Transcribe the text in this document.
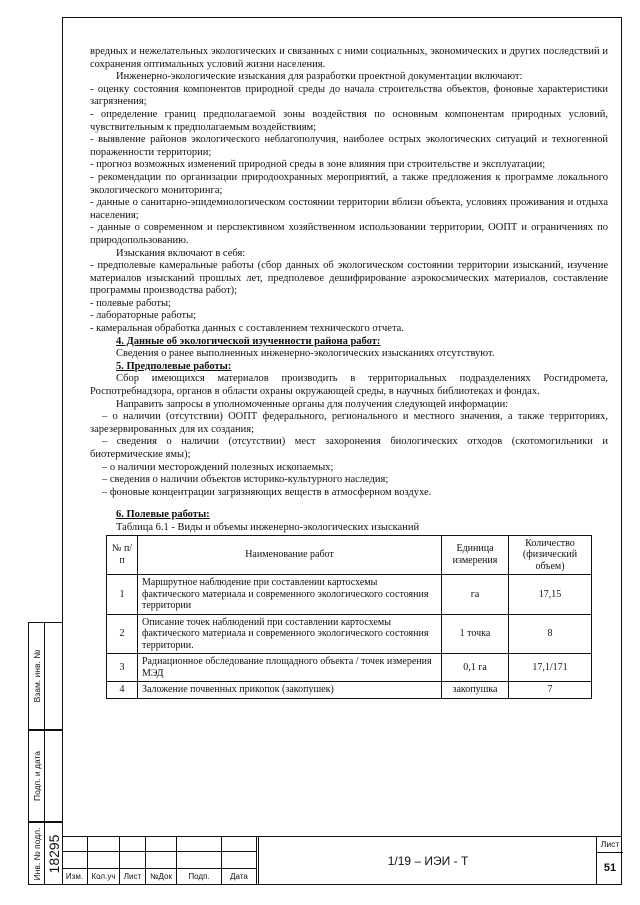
вредных и нежелательных экологических и связанных с ними социальных, экономических и других последствий и сохранения оптимальных условий жизни населения.

Инженерно-экологические изыскания для разработки проектной документации включают:

- оценку состояния компонентов природной среды до начала строительства объектов, фоновые характеристики загрязнения;

- определение границ предполагаемой зоны воздействия по основным компонентам природных условий, чувствительным к предполагаемым воздействиям;

- выявление районов экологического неблагополучия, наиболее острых экологических ситуаций и техногенной пораженности территории;

- прогноз возможных изменений природной среды в зоне влияния при строительстве и эксплуатации;

- рекомендации по организации природоохранных мероприятий, а также предложения к программе локального экологического мониторинга;

- данные о санитарно-эпидемиологическом состоянии территории вблизи объекта, условиях проживания и отдыха населения;

- данные о современном и перспективном хозяйственном использовании территории, ООПТ и ограничениях по природопользованию.

Изыскания включают в себя:

- предполевые камеральные работы (сбор данных об экологическом состоянии территории изысканий, изучение материалов изысканий прошлых лет, предполевое дешифрирование аэрокосмических материалов, составление программы производства работ);

- полевые работы;

- лабораторные работы;

- камеральная обработка данных с составлением технического отчета.

4. Данные об экологической изученности района работ:

Сведения о ранее выполненных инженерно-экологических изысканиях отсутствуют.

5. Предполевые работы:

Сбор имеющихся материалов производить в территориальных подразделениях Росгидромета, Роспотребнадзора, органов в области охраны окружающей среды, в научных библиотеках и фондах.

Направить запросы в уполномоченные органы для получения следующей информации:

– о наличии (отсутствии) ООПТ федерального, регионального и местного значения, а также территориях, зарезервированных для их создания;

– сведения о наличии (отсутствии) мест захоронения биологических отходов (скотомогильники и биотермические ямы);

– о наличии месторождений полезных ископаемых;

– сведения о наличии объектов историко-культурного наследия;

– фоновые концентрации загрязняющих веществ в атмосферном воздухе.

6. Полевые работы:

Таблица 6.1 - Виды и объемы инженерно-экологических изысканий

№ п/п	Наименование работ	Единица измерения	Количество (физический объем)
1	Маршрутное наблюдение при составлении картосхемы фактического материала и современного экологического состояния территории	га	17,15
2	Описание точек наблюдений при составлении картосхемы фактического материала и современного экологического состояния территории.	1 точка	8
3	Радиационное обследование площадного объекта / точек измерения МЭД	0,1 га	17,1/171
4	Заложение почвенных прикопок (закопушек)	закопушка	7
Взам. инв. №
Подп. и дата
Инв. № подл. 18295
Изм.	Кол.уч	Лист	№Док	Подп.	Дата
1/19 – ИЭИ - Т
Лист
51
